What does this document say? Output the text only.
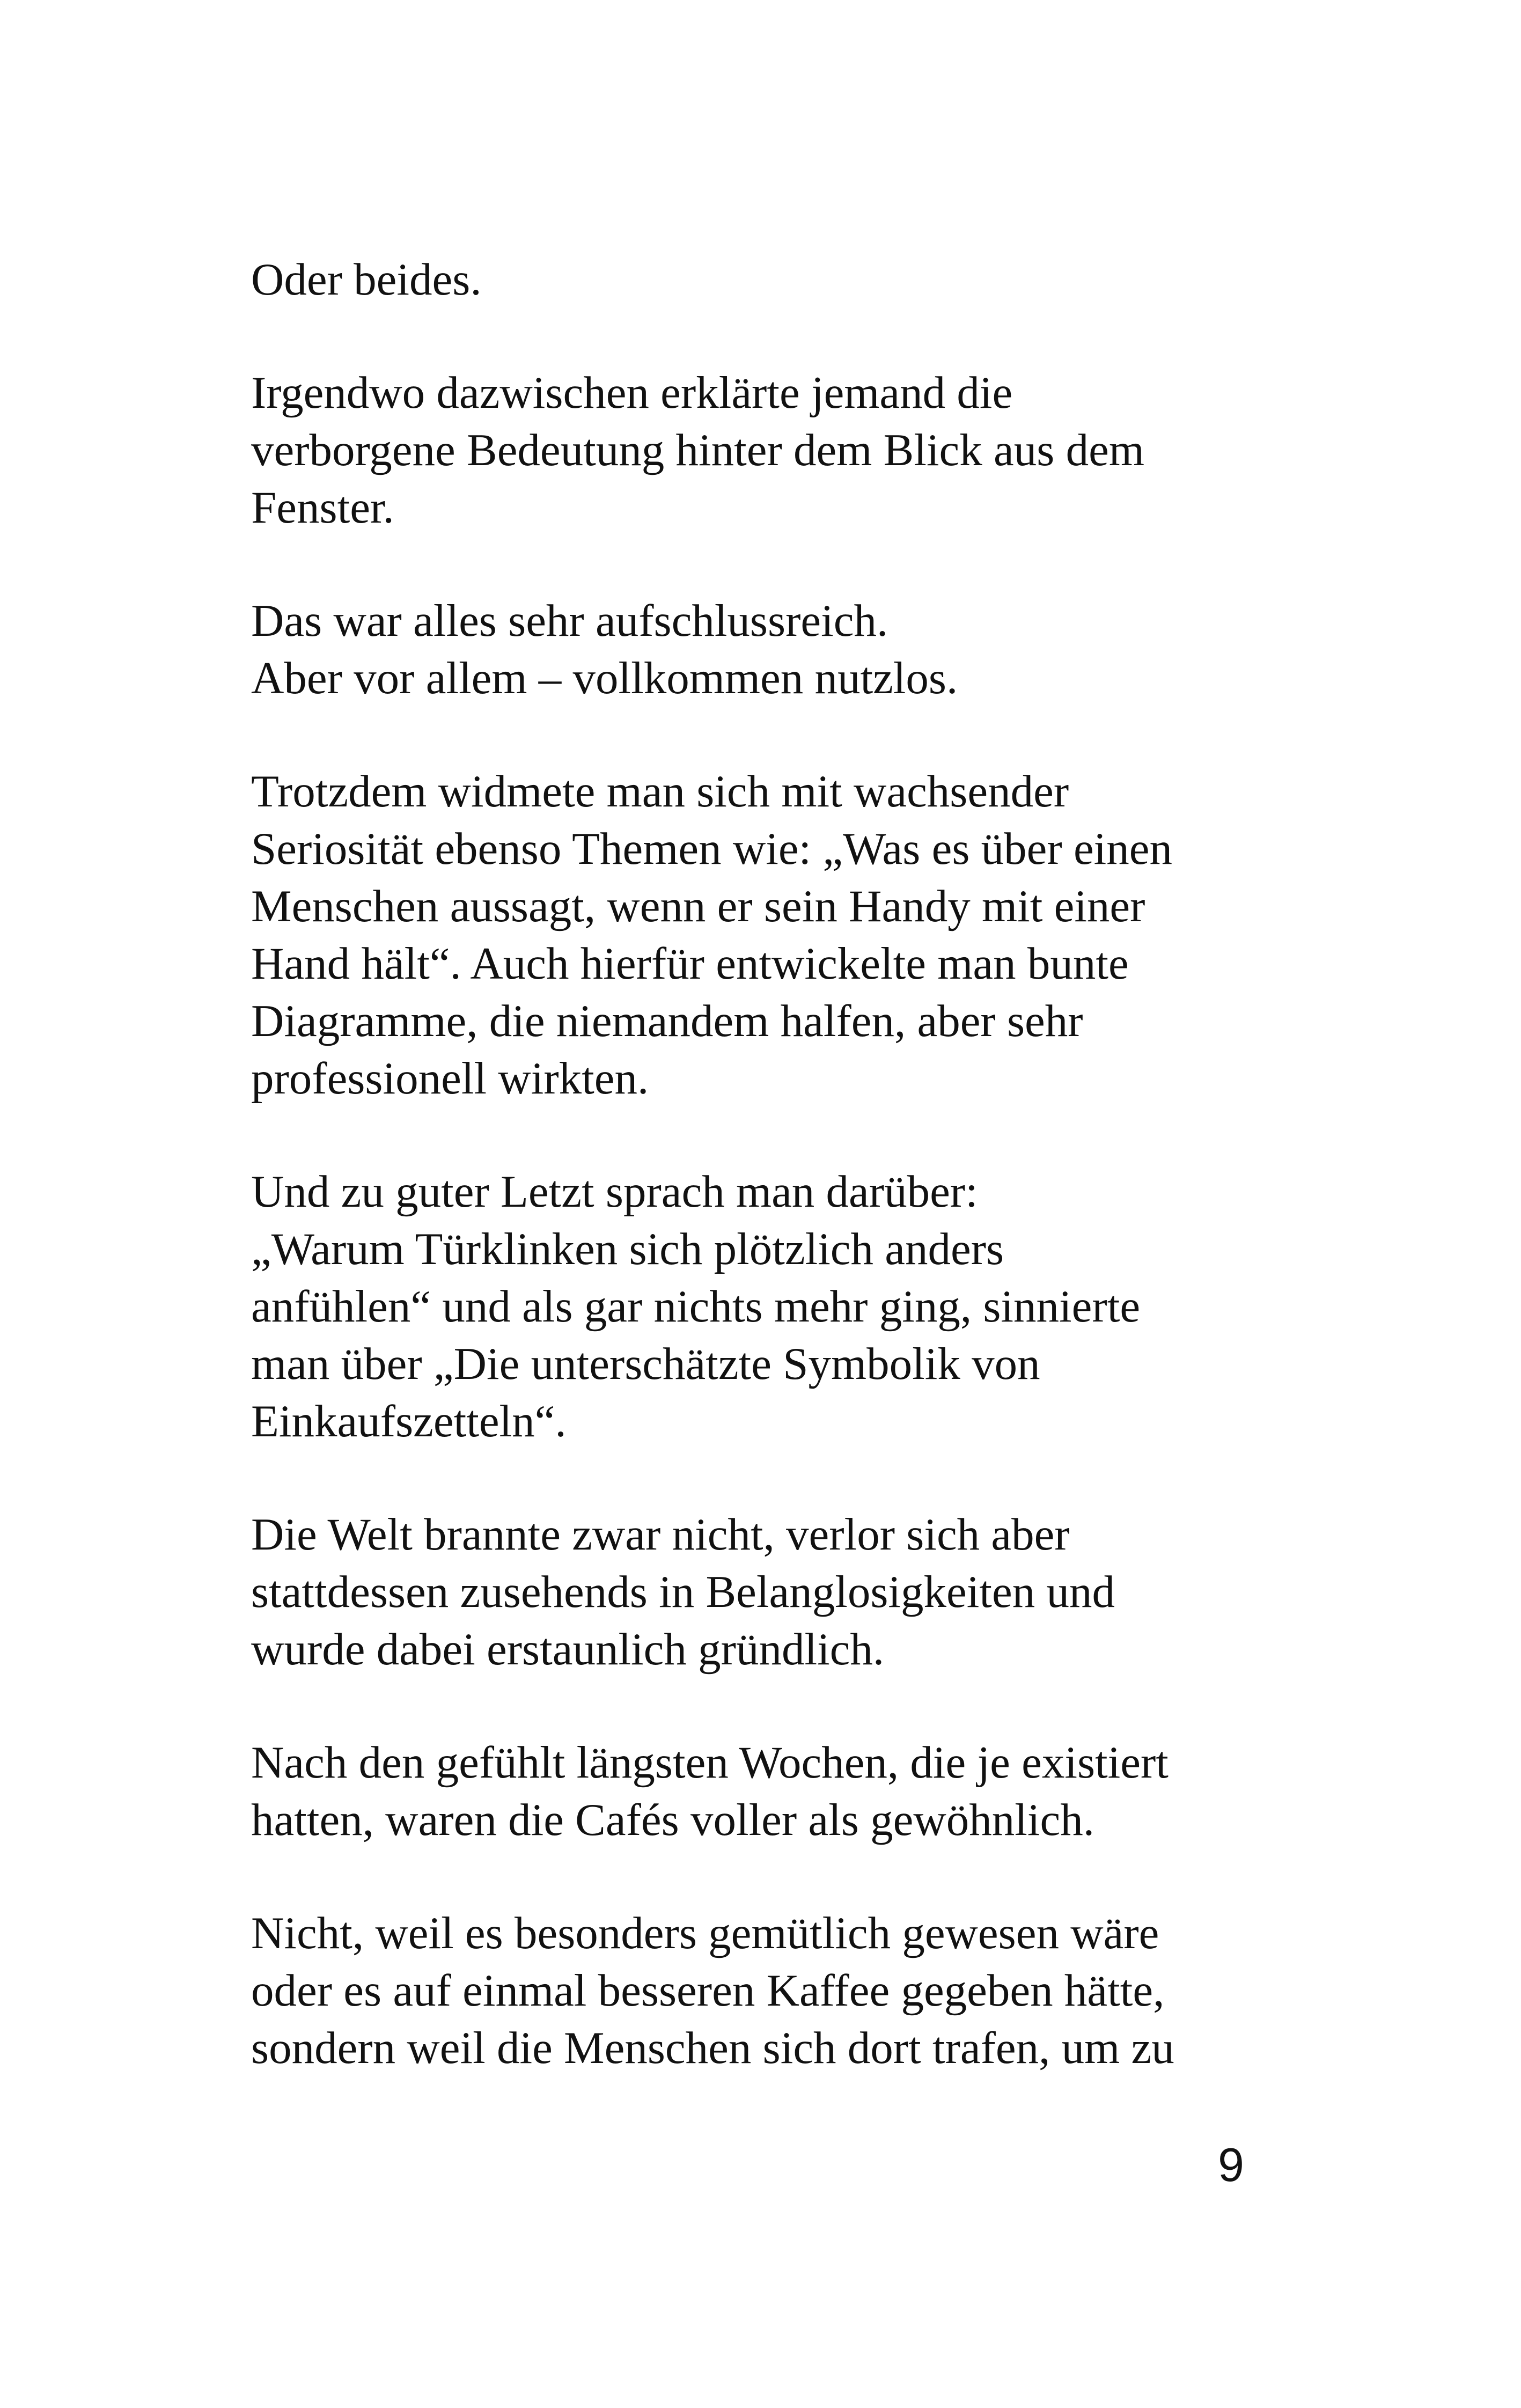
Oder beides.

Irgendwo dazwischen erklärte jemand die
verborgene Bedeutung hinter dem Blick aus dem
Fenster.

Das war alles sehr aufschlussreich.
Aber vor allem – vollkommen nutzlos.

Trotzdem widmete man sich mit wachsender
Seriosität ebenso Themen wie: „Was es über einen
Menschen aussagt, wenn er sein Handy mit einer
Hand hält“. Auch hierfür entwickelte man bunte
Diagramme, die niemandem halfen, aber sehr
professionell wirkten.

Und zu guter Letzt sprach man darüber:
„Warum Türklinken sich plötzlich anders
anfühlen“ und als gar nichts mehr ging, sinnierte
man über „Die unterschätzte Symbolik von
Einkaufszetteln“.

Die Welt brannte zwar nicht, verlor sich aber
stattdessen zusehends in Belanglosigkeiten und
wurde dabei erstaunlich gründlich.

Nach den gefühlt längsten Wochen, die je existiert
hatten, waren die Cafés voller als gewöhnlich.

Nicht, weil es besonders gemütlich gewesen wäre
oder es auf einmal besseren Kaffee gegeben hätte,
sondern weil die Menschen sich dort trafen, um zu

9
